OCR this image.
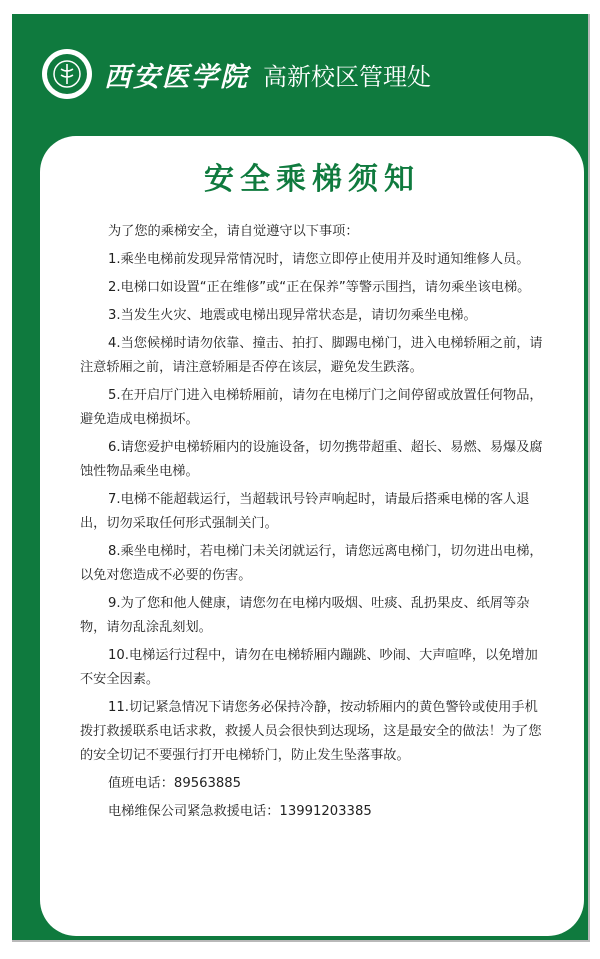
西安医学院 高新校区管理处
安全乘梯须知

为了您的乘梯安全，请自觉遵守以下事项：

1.乘坐电梯前发现异常情况时，请您立即停止使用并及时通知维修人员。

2.电梯口如设置“正在维修”或“正在保养”等警示围挡，请勿乘坐该电梯。

3.当发生火灾、地震或电梯出现异常状态是，请切勿乘坐电梯。

4.当您候梯时请勿依靠、撞击、拍打、脚踢电梯门，进入电梯轿厢之前，请注意轿厢之前，请注意轿厢是否停在该层，避免发生跌落。

5.在开启厅门进入电梯轿厢前，请勿在电梯厅门之间停留或放置任何物品，避免造成电梯损坏。

6.请您爱护电梯轿厢内的设施设备，切勿携带超重、超长、易燃、易爆及腐蚀性物品乘坐电梯。

7.电梯不能超载运行，当超载讯号铃声响起时，请最后搭乘电梯的客人退出，切勿采取任何形式强制关门。

8.乘坐电梯时，若电梯门未关闭就运行，请您远离电梯门，切勿进出电梯，以免对您造成不必要的伤害。

9.为了您和他人健康，请您勿在电梯内吸烟、吐痰、乱扔果皮、纸屑等杂物，请勿乱涂乱刻划。

10.电梯运行过程中，请勿在电梯轿厢内蹦跳、吵闹、大声喧哗，以免增加不安全因素。

11.切记紧急情况下请您务必保持冷静，按动轿厢内的黄色警铃或使用手机拨打救援联系电话求救，救援人员会很快到达现场，这是最安全的做法！为了您的安全切记不要强行打开电梯轿门，防止发生坠落事故。

值班电话：89563885

电梯维保公司紧急救援电话：13991203385
